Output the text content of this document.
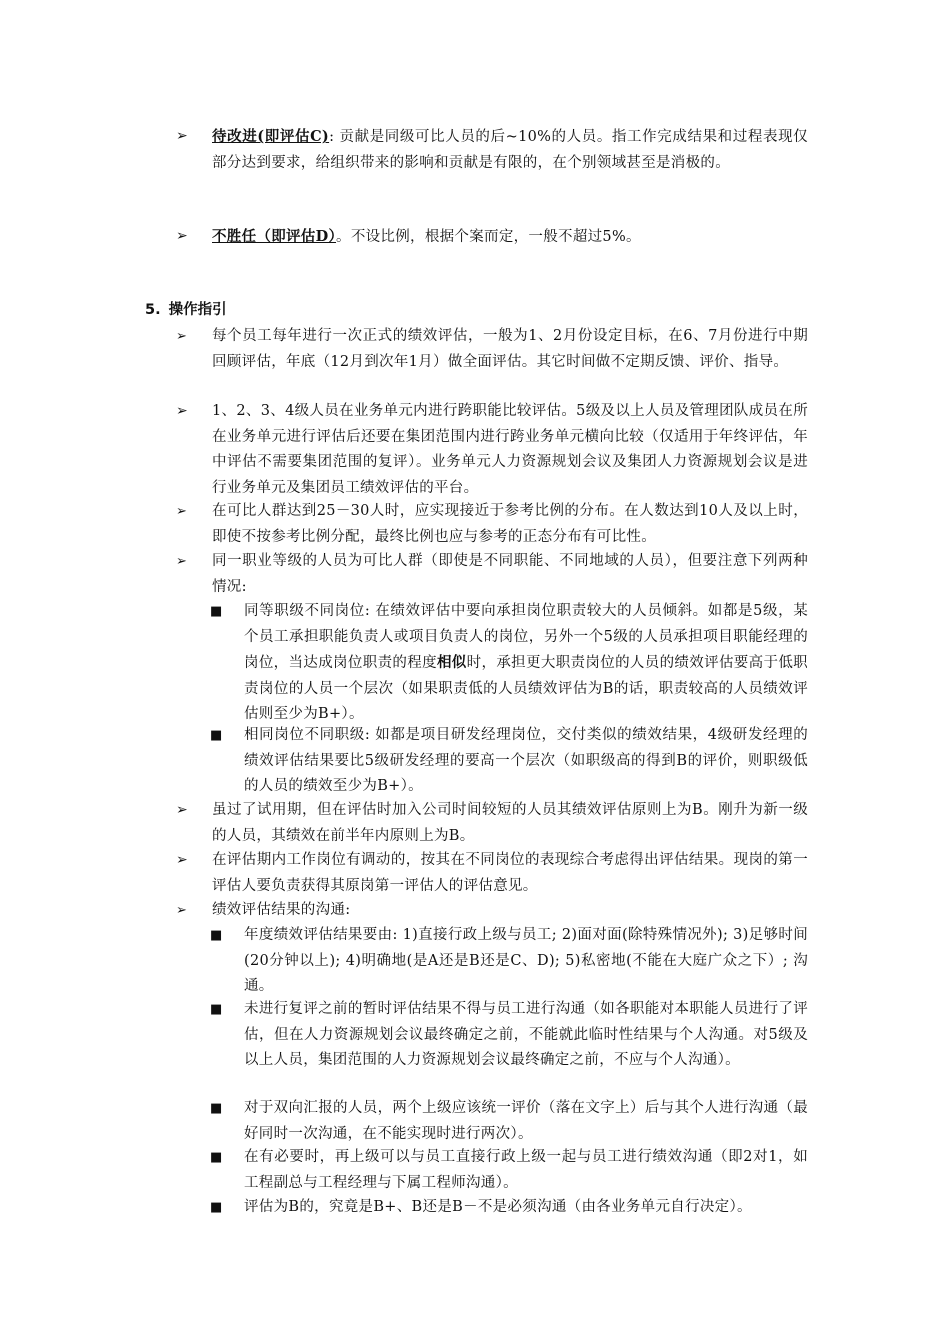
➢	待改进(即评估C): 贡献是同级可比人员的后~10%的人员。指工作完成结果和过程表现仅部分达到要求，给组织带来的影响和贡献是有限的，在个别领域甚至是消极的。
➢	不胜任（即评估D）。不设比例，根据个案而定，一般不超过5%。
5. 操作指引
➢	每个员工每年进行一次正式的绩效评估，一般为1、2月份设定目标，在6、7月份进行中期回顾评估，年底（12月到次年1月）做全面评估。其它时间做不定期反馈、评价、指导。
➢	1、2、3、4级人员在业务单元内进行跨职能比较评估。5级及以上人员及管理团队成员在所在业务单元进行评估后还要在集团范围内进行跨业务单元横向比较（仅适用于年终评估，年中评估不需要集团范围的复评）。业务单元人力资源规划会议及集团人力资源规划会议是进行业务单元及集团员工绩效评估的平台。
➢	在可比人群达到25－30人时，应实现接近于参考比例的分布。在人数达到10人及以上时，即使不按参考比例分配，最终比例也应与参考的正态分布有可比性。
➢	同一职业等级的人员为可比人群（即使是不同职能、不同地域的人员），但要注意下列两种情况:
■	同等职级不同岗位: 在绩效评估中要向承担岗位职责较大的人员倾斜。如都是5级，某个员工承担职能负责人或项目负责人的岗位，另外一个5级的人员承担项目职能经理的岗位，当达成岗位职责的程度相似时，承担更大职责岗位的人员的绩效评估要高于低职责岗位的人员一个层次（如果职责低的人员绩效评估为B的话，职责较高的人员绩效评估则至少为B+）。
■	相同岗位不同职级: 如都是项目研发经理岗位，交付类似的绩效结果，4级研发经理的绩效评估结果要比5级研发经理的要高一个层次（如职级高的得到B的评价，则职级低的人员的绩效至少为B+）。
➢	虽过了试用期，但在评估时加入公司时间较短的人员其绩效评估原则上为B。刚升为新一级的人员，其绩效在前半年内原则上为B。
➢	在评估期内工作岗位有调动的，按其在不同岗位的表现综合考虑得出评估结果。现岗的第一评估人要负责获得其原岗第一评估人的评估意见。
➢	绩效评估结果的沟通:
■	年度绩效评估结果要由: 1)直接行政上级与员工; 2)面对面(除特殊情况外); 3)足够时间(20分钟以上); 4)明确地(是A还是B还是C、D); 5)私密地(不能在大庭广众之下）; 沟通。
■	未进行复评之前的暂时评估结果不得与员工进行沟通（如各职能对本职能人员进行了评估，但在人力资源规划会议最终确定之前，不能就此临时性结果与个人沟通。对5级及以上人员，集团范围的人力资源规划会议最终确定之前，不应与个人沟通）。
■	对于双向汇报的人员，两个上级应该统一评价（落在文字上）后与其个人进行沟通（最好同时一次沟通，在不能实现时进行两次）。
■	在有必要时，再上级可以与员工直接行政上级一起与员工进行绩效沟通（即2对1，如工程副总与工程经理与下属工程师沟通）。
■	评估为B的，究竟是B+、B还是B－不是必须沟通（由各业务单元自行决定）。
